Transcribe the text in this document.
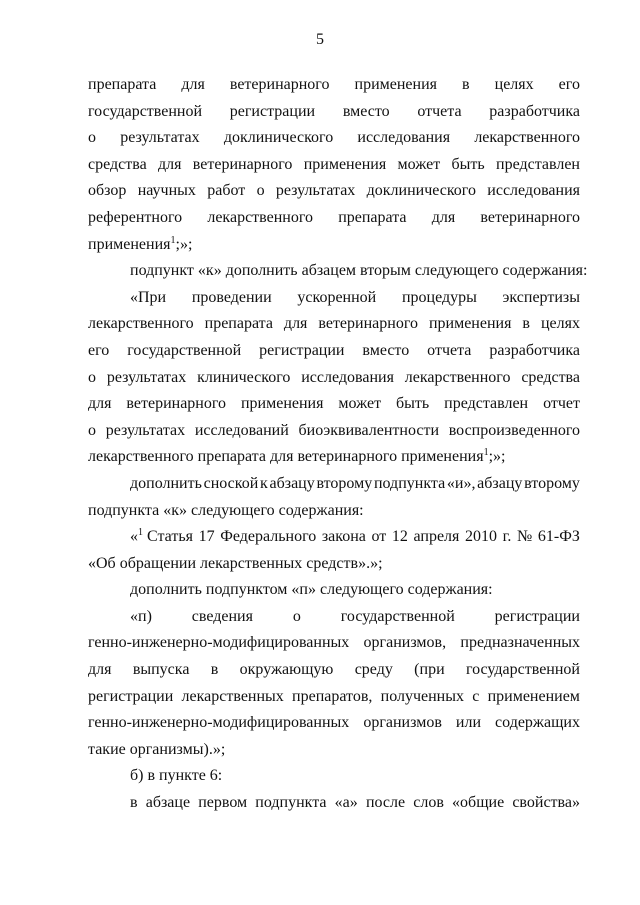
5
препарата для ветеринарного применения в целях его
государственной регистрации вместо отчета разработчика
о результатах доклинического исследования лекарственного
средства для ветеринарного применения может быть представлен
обзор научных работ о результатах доклинического исследования
референтного лекарственного препарата для ветеринарного
применения$^1$;»;
подпункт «к» дополнить абзацем вторым следующего содержания:
«При проведении ускоренной процедуры экспертизы
лекарственного препарата для ветеринарного применения в целях
его государственной регистрации вместо отчета разработчика
о результатах клинического исследования лекарственного средства
для ветеринарного применения может быть представлен отчет
о результатах исследований биоэквивалентности воспроизведенного
лекарственного препарата для ветеринарного применения$^1$;»;
дополнить сноской к абзацу второму подпункта «и», абзацу второму
подпункта «к» следующего содержания:
«$^1$ Статья 17 Федерального закона от 12 апреля 2010 г. № 61-ФЗ
«Об обращении лекарственных средств».»;
дополнить подпунктом «п» следующего содержания:
«п) сведения о государственной регистрации
генно-инженерно-модифицированных организмов, предназначенных
для выпуска в окружающую среду (при государственной
регистрации лекарственных препаратов, полученных с применением
генно-инженерно-модифицированных организмов или содержащих
такие организмы).»;
б) в пункте 6:
в абзаце первом подпункта «а» после слов «общие свойства»
